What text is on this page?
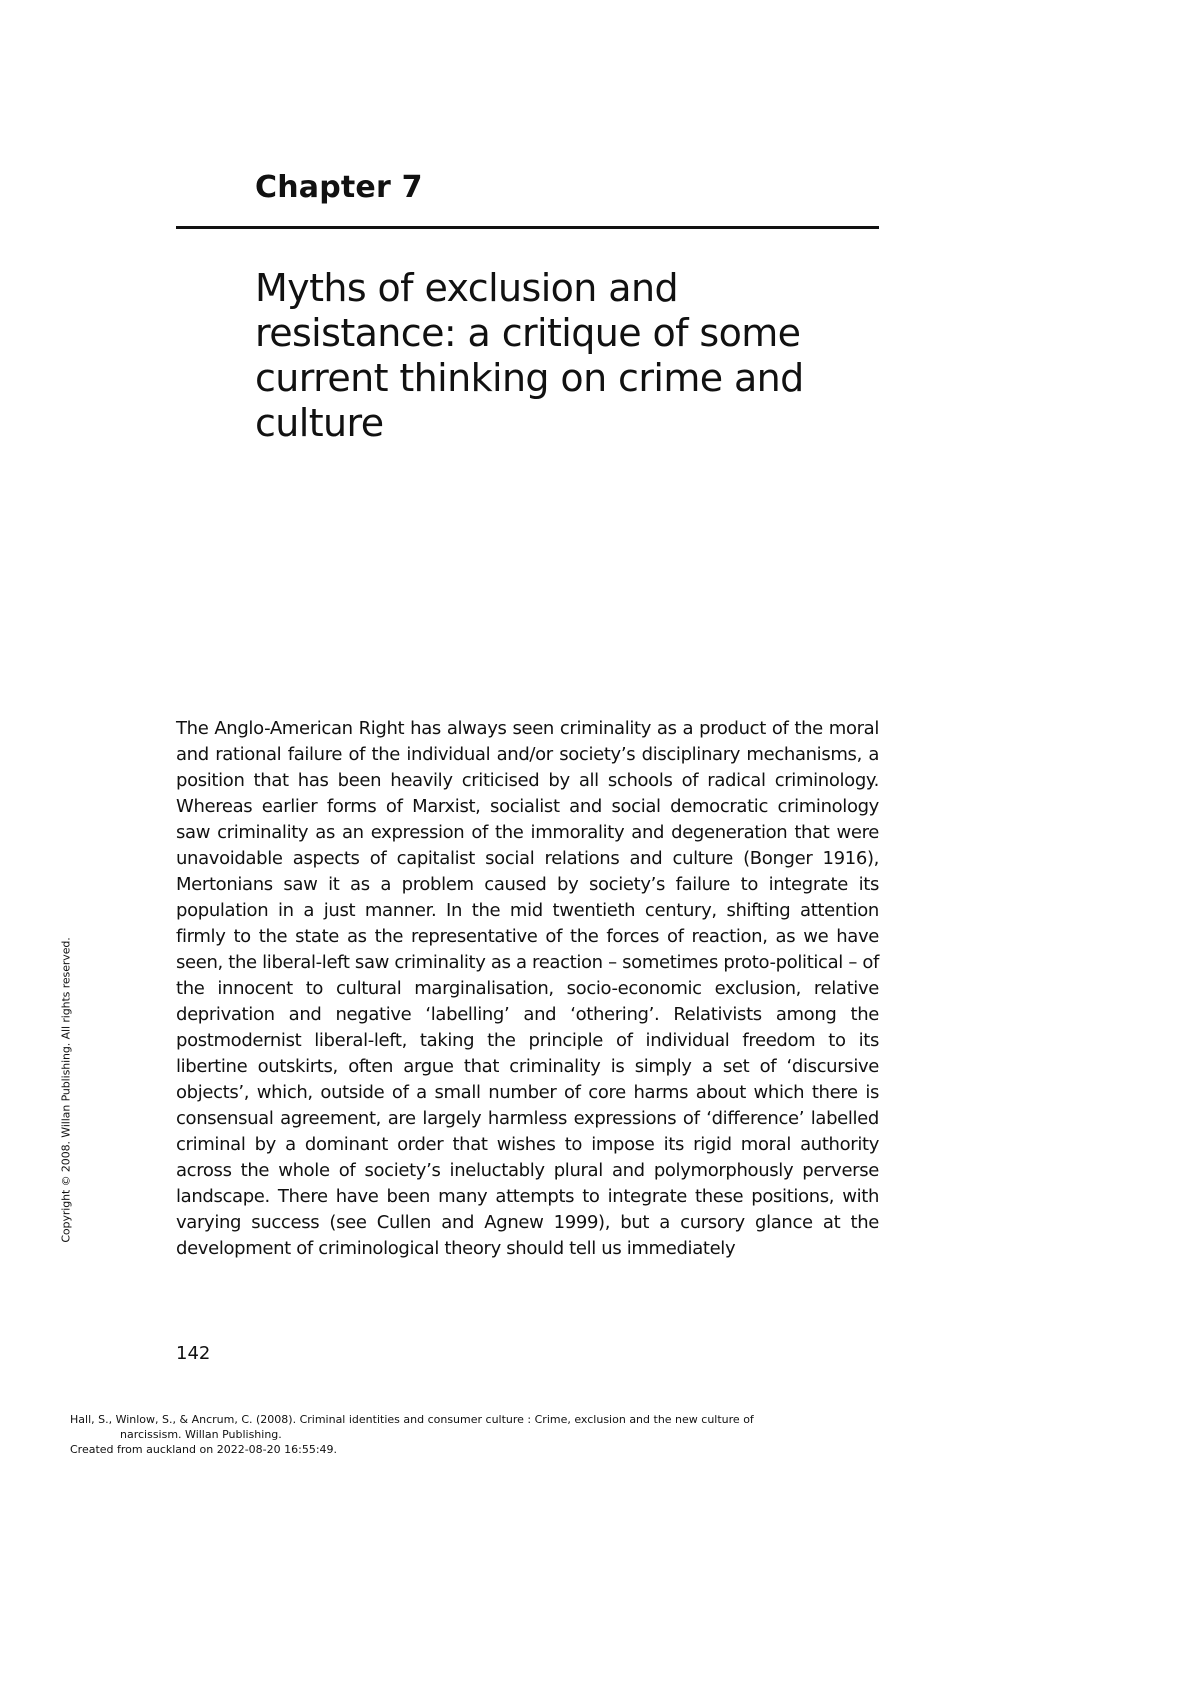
Chapter 7
Myths of exclusion and resistance: a critique of some current thinking on crime and culture

The Anglo-American Right has always seen criminality as a product of the moral and rational failure of the individual and/or society’s disciplinary mechanisms, a position that has been heavily criticised by all schools of radical criminology. Whereas earlier forms of Marxist, socialist and social democratic criminology saw criminality as an expression of the immorality and degeneration that were unavoidable aspects of capitalist social relations and culture (Bonger 1916), Mertonians saw it as a problem caused by society’s failure to integrate its population in a just manner. In the mid twentieth century, shifting attention firmly to the state as the representative of the forces of reaction, as we have seen, the liberal-left saw criminality as a reaction – sometimes proto-political – of the innocent to cultural marginalisation, socio-economic exclusion, relative deprivation and negative ‘labelling’ and ‘othering’. Relativists among the postmodernist liberal-left, taking the principle of individual freedom to its libertine outskirts, often argue that criminality is simply a set of ‘discursive objects’, which, outside of a small number of core harms about which there is consensual agreement, are largely harmless expressions of ‘difference’ labelled criminal by a dominant order that wishes to impose its rigid moral authority across the whole of society’s ineluctably plural and polymorphously perverse landscape. There have been many attempts to integrate these positions, with varying success (see Cullen and Agnew 1999), but a cursory glance at the development of criminological theory should tell us immediately

142
Copyright © 2008. Willan Publishing. All rights reserved.
Hall, S., Winlow, S., & Ancrum, C. (2008). Criminal identities and consumer culture : Crime, exclusion and the new culture of
narcissism. Willan Publishing.
Created from auckland on 2022-08-20 16:55:49.
